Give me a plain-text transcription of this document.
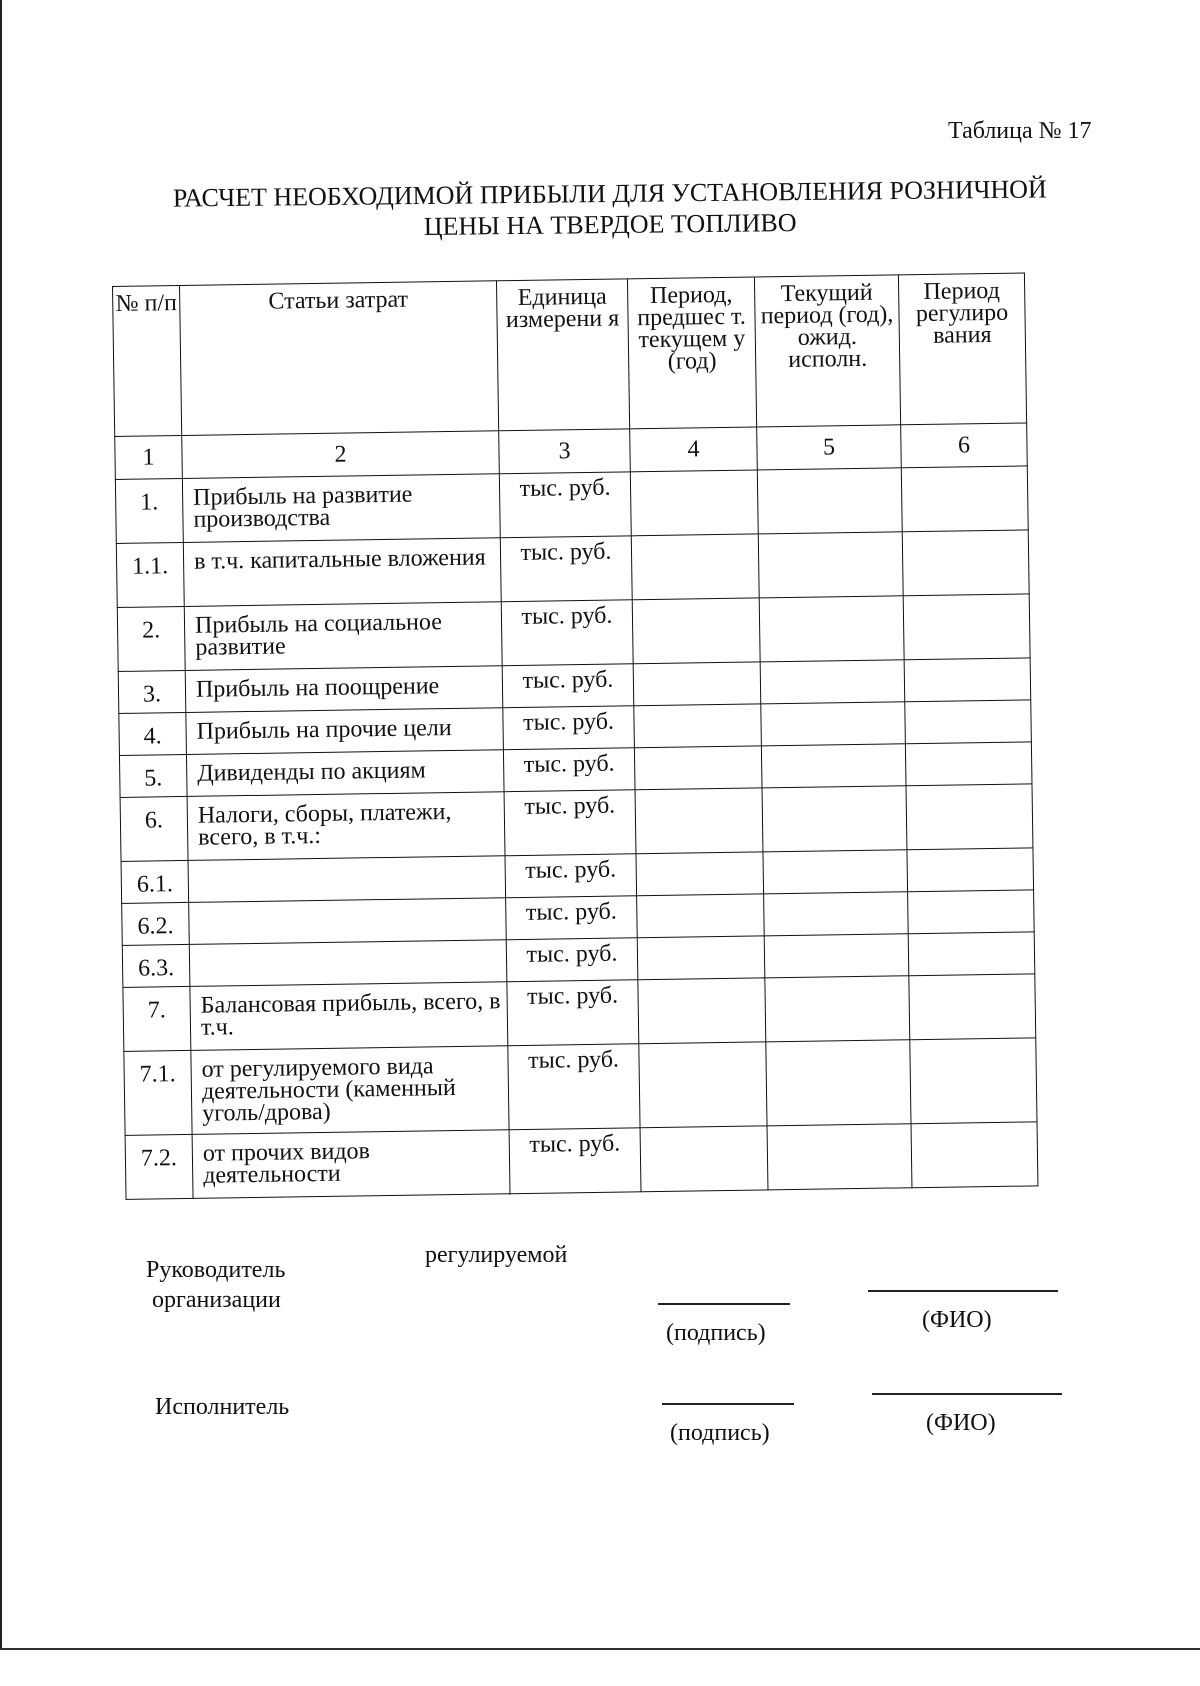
Таблица № 17
РАСЧЕТ НЕОБХОДИМОЙ ПРИБЫЛИ ДЛЯ УСТАНОВЛЕНИЯ РОЗНИЧНОЙ
ЦЕНЫ НА ТВЕРДОЕ ТОПЛИВО
№ п/п	Статьи затрат	Единица измерени я	Период, предшес т. текущем у (год)	Текущий период (год), ожид. исполн.	Период регулиро вания
1	2	3	4	5	6
1.	Прибыль на развитие производства	тыс. руб.			
1.1.	в т.ч. капитальные вложения	тыс. руб.			
2.	Прибыль на социальное развитие	тыс. руб.			
3.	Прибыль на поощрение	тыс. руб.			
4.	Прибыль на прочие цели	тыс. руб.			
5.	Дивиденды по акциям	тыс. руб.			
6.	Налоги, сборы, платежи, всего, в т.ч.:	тыс. руб.			
6.1.		тыс. руб.			
6.2.		тыс. руб.			
6.3.		тыс. руб.			
7.	Балансовая прибыль, всего, в т.ч.	тыс. руб.			
7.1.	от регулируемого вида деятельности (каменный уголь/дрова)	тыс. руб.			
7.2.	от прочих видов деятельности	тыс. руб.			
Руководитель
регулируемой
организации
(подпись)	(ФИО)
Исполнитель
(подпись)	(ФИО)
